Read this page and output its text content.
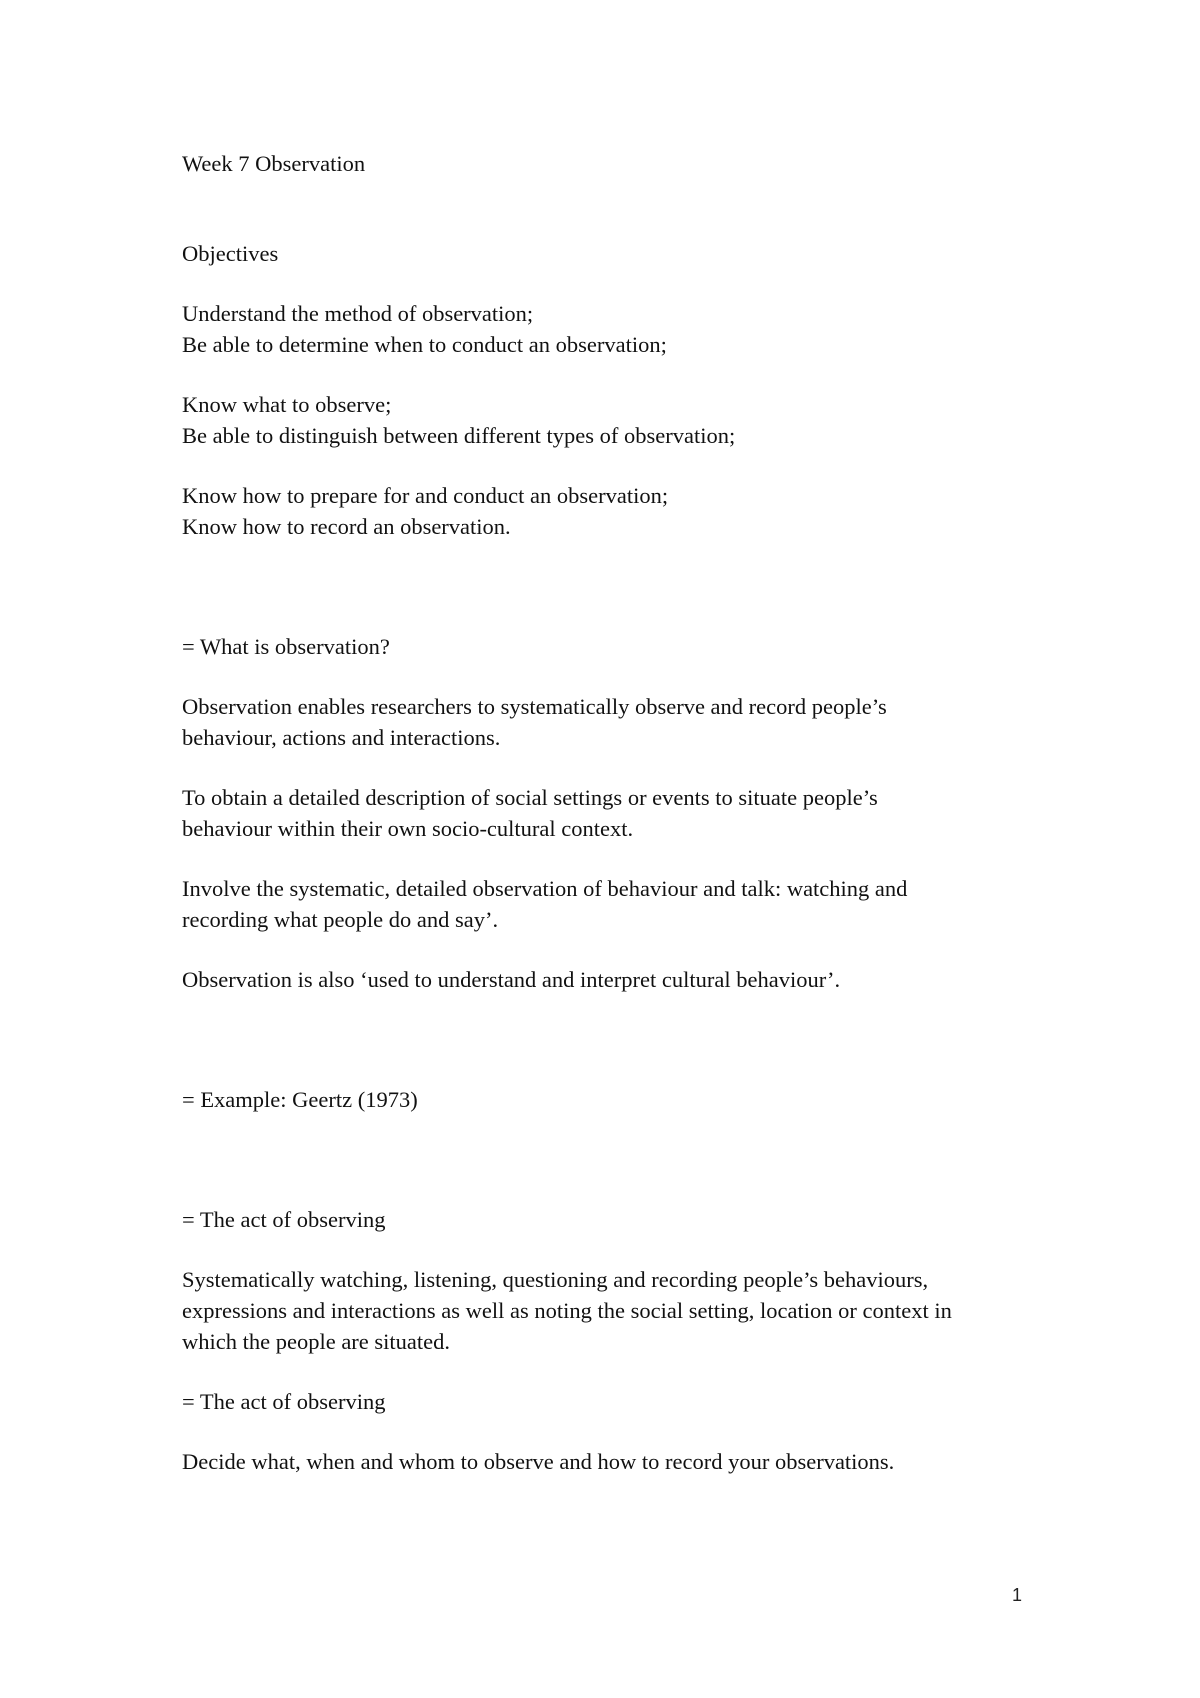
Week 7 Observation

Objectives

Understand the method of observation;

Be able to determine when to conduct an observation;

Know what to observe;

Be able to distinguish between different types of observation;

Know how to prepare for and conduct an observation;

Know how to record an observation.

= What is observation?

Observation enables researchers to systematically observe and record people’s

behaviour, actions and interactions.

To obtain a detailed description of social settings or events to situate people’s

behaviour within their own socio-cultural context.

Involve the systematic, detailed observation of behaviour and talk: watching and

recording what people do and say’.

Observation is also ‘used to understand and interpret cultural behaviour’.

= Example: Geertz (1973)

= The act of observing

Systematically watching, listening, questioning and recording people’s behaviours,

expressions and interactions as well as noting the social setting, location or context in

which the people are situated.

= The act of observing

Decide what, when and whom to observe and how to record your observations.

1
